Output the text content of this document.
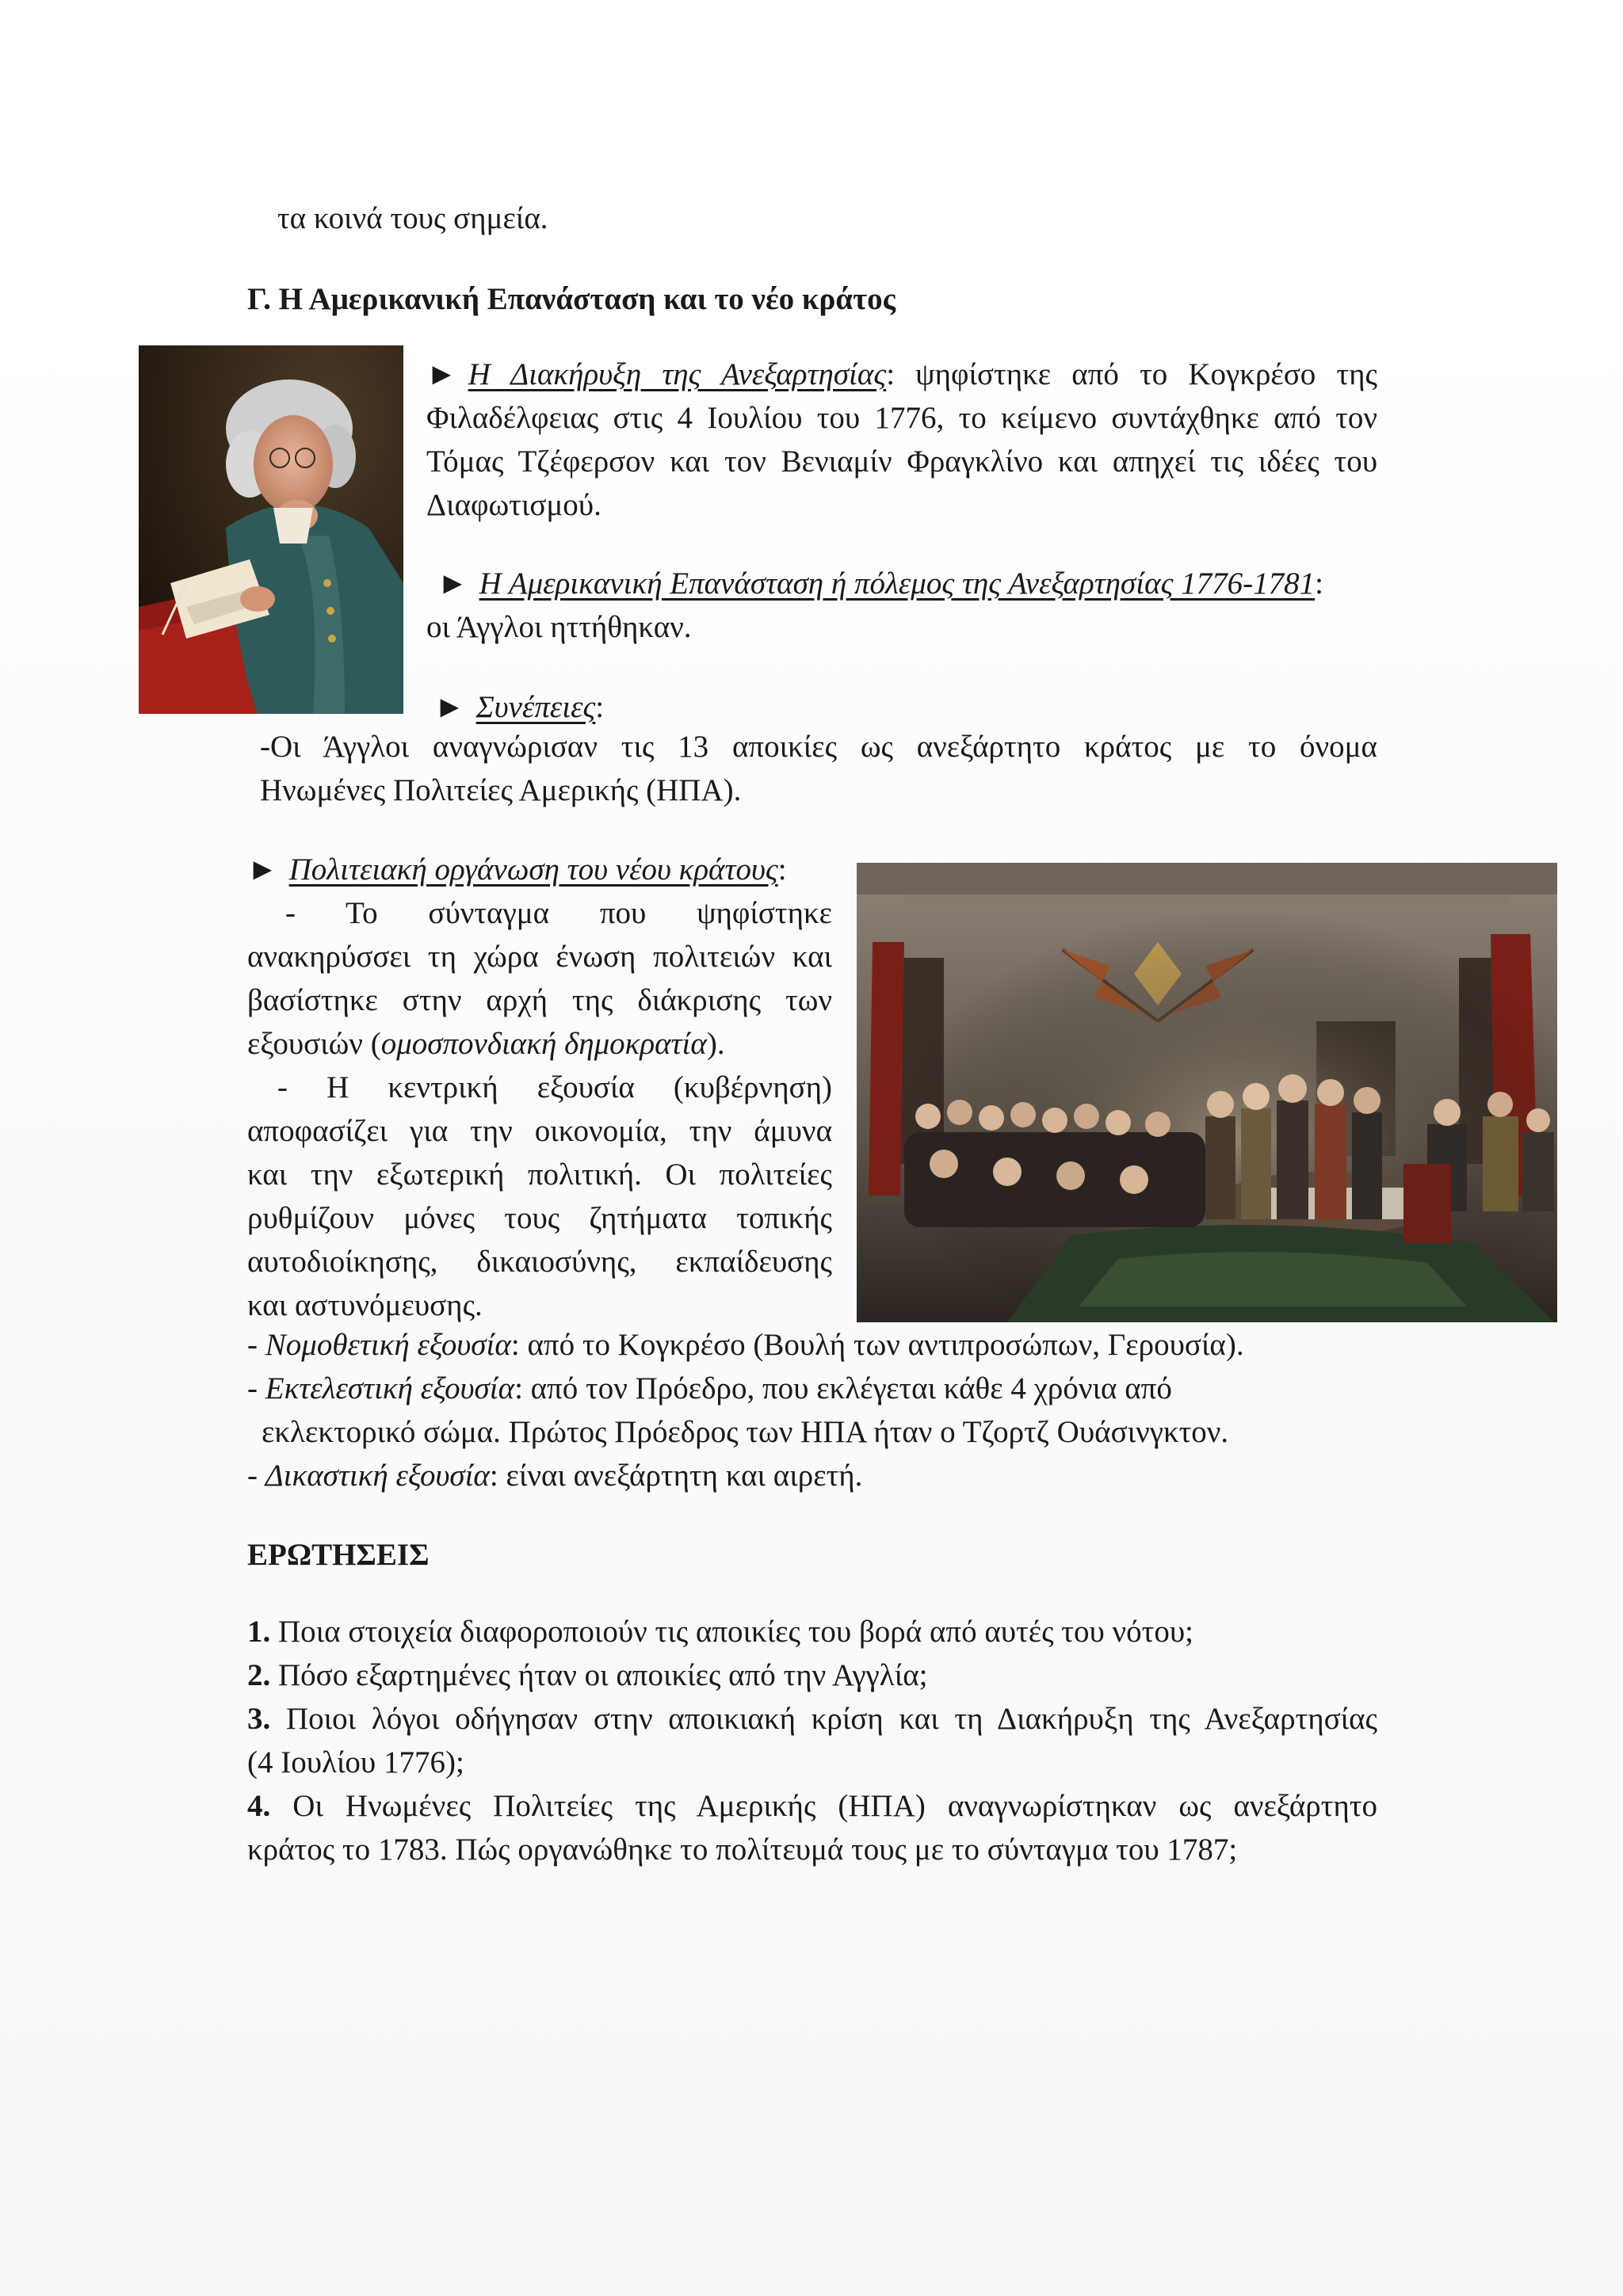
τα κοινά τους σημεία.
Γ. Η Αμερικανική Επανάσταση και το νέο κράτος
► Η Διακήρυξη της Ανεξαρτησίας: ψηφίστηκε από το Κογκρέσο της
Φιλαδέλφειας στις 4 Ιουλίου του 1776, το κείμενο συντάχθηκε από τον
Τόμας Τζέφερσον και τον Βενιαμίν Φραγκλίνο και απηχεί τις ιδέες του
Διαφωτισμού.
► Η Αμερικανική Επανάσταση ή πόλεμος της Ανεξαρτησίας 1776-1781:
οι Άγγλοι ηττήθηκαν.
► Συνέπειες:
-Οι Άγγλοι αναγνώρισαν τις 13 αποικίες ως ανεξάρτητο κράτος με το όνομα
Ηνωμένες Πολιτείες Αμερικής (ΗΠΑ).
► Πολιτειακή οργάνωση του νέου κράτους:
- Το σύνταγμα που ψηφίστηκε
ανακηρύσσει τη χώρα ένωση πολιτειών και
βασίστηκε στην αρχή της διάκρισης των
εξουσιών (ομοσπονδιακή δημοκρατία).
- Η κεντρική εξουσία (κυβέρνηση)
αποφασίζει για την οικονομία, την άμυνα
και την εξωτερική πολιτική. Οι πολιτείες
ρυθμίζουν μόνες τους ζητήματα τοπικής
αυτοδιοίκησης, δικαιοσύνης, εκπαίδευσης
και αστυνόμευσης.
- Νομοθετική εξουσία: από το Κογκρέσο (Βουλή των αντιπροσώπων, Γερουσία).
- Εκτελεστική εξουσία: από τον Πρόεδρο, που εκλέγεται κάθε 4 χρόνια από
εκλεκτορικό σώμα. Πρώτος Πρόεδρος των ΗΠΑ ήταν ο Τζορτζ Ουάσινγκτον.
- Δικαστική εξουσία: είναι ανεξάρτητη και αιρετή.
ΕΡΩΤΗΣΕΙΣ
1. Ποια στοιχεία διαφοροποιούν τις αποικίες του βορά από αυτές του νότου;
2. Πόσο εξαρτημένες ήταν οι αποικίες από την Αγγλία;
3. Ποιοι λόγοι οδήγησαν στην αποικιακή κρίση και τη Διακήρυξη της Ανεξαρτησίας
(4 Ιουλίου 1776);
4. Οι Ηνωμένες Πολιτείες της Αμερικής (ΗΠΑ) αναγνωρίστηκαν ως ανεξάρτητο
κράτος το 1783. Πώς οργανώθηκε το πολίτευμά τους με το σύνταγμα του 1787;
